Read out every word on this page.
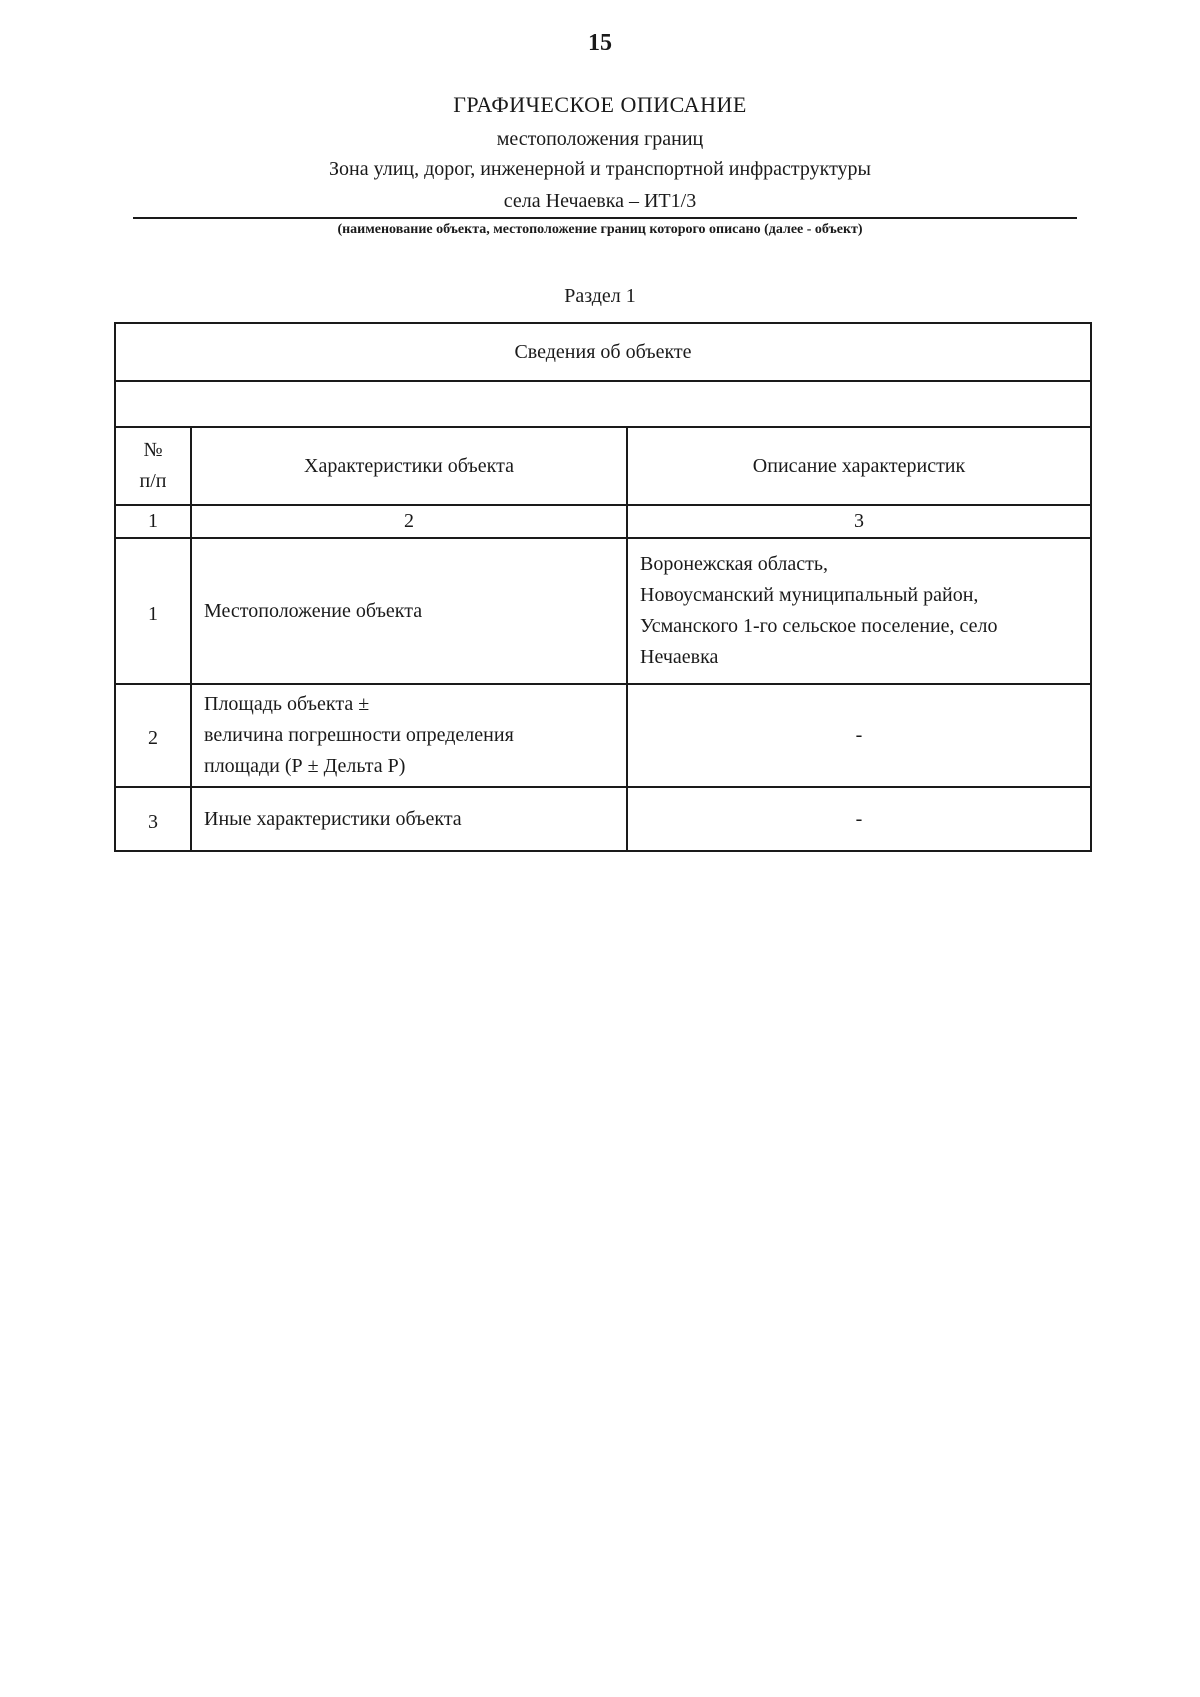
15
ГРАФИЧЕСКОЕ ОПИСАНИЕ
местоположения границ
Зона улиц, дорог, инженерной и транспортной инфраструктуры
села Нечаевка – ИТ1/3
(наименование объекта, местоположение границ которого описано (далее - объект)
Раздел 1
Сведения об объекте		

№
п/п	Характеристики объекта	Описание характеристик
1	2	3
1	Местоположение объекта	Воронежская область,
Новоусманский муниципальный район,
Усманского 1-го сельское поселение, село
Нечаевка

2	Площадь объекта ±
величина погрешности определения
площади (Р ± Дельта Р)	-
3	Иные характеристики объекта	-
